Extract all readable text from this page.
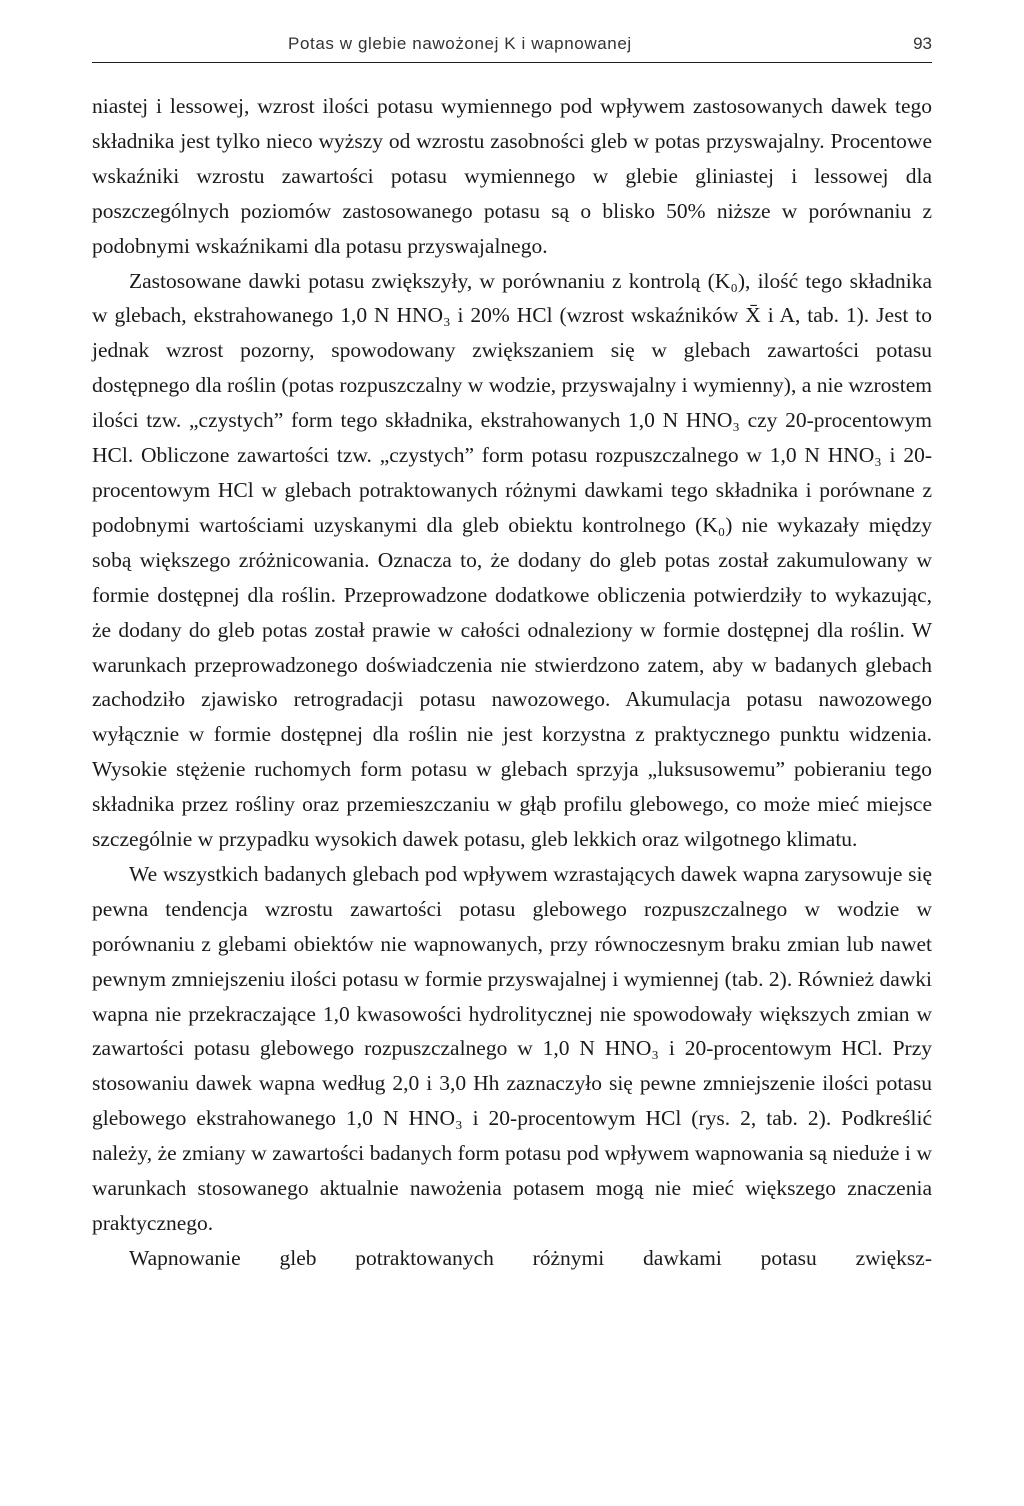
Potas w glebie nawożonej K i wapnowanej	93

niastej i lessowej, wzrost ilości potasu wymiennego pod wpływem zastosowanych dawek tego składnika jest tylko nieco wyższy od wzrostu zasobności gleb w potas przyswajalny. Procentowe wskaźniki wzrostu zawartości potasu wymiennego w glebie gliniastej i lessowej dla poszczególnych poziomów zastosowanego potasu są o blisko 50% niższe w porównaniu z podobnymi wskaźnikami dla potasu przyswajalnego.

Zastosowane dawki potasu zwiększyły, w porównaniu z kontrolą (K₀), ilość tego składnika w glebach, ekstrahowanego 1,0 N HNO₃ i 20% HCl (wzrost wskaźników X̄ i A, tab. 1). Jest to jednak wzrost pozorny, spowodowany zwiększaniem się w glebach zawartości potasu dostępnego dla roślin (potas rozpuszczalny w wodzie, przyswajalny i wymienny), a nie wzrostem ilości tzw. „czystych” form tego składnika, ekstrahowanych 1,0 N HNO₃ czy 20-procentowym HCl. Obliczone zawartości tzw. „czystych” form potasu rozpuszczalnego w 1,0 N HNO₃ i 20-procentowym HCl w glebach potraktowanych różnymi dawkami tego składnika i porównane z podobnymi wartościami uzyskanymi dla gleb obiektu kontrolnego (K₀) nie wykazały między sobą większego zróżnicowania. Oznacza to, że dodany do gleb potas został zakumulowany w formie dostępnej dla roślin. Przeprowadzone dodatkowe obliczenia potwierdziły to wykazując, że dodany do gleb potas został prawie w całości odnaleziony w formie dostępnej dla roślin. W warunkach przeprowadzonego doświadczenia nie stwierdzono zatem, aby w badanych glebach zachodziło zjawisko retrogradacji potasu nawozowego. Akumulacja potasu nawozowego wyłącznie w formie dostępnej dla roślin nie jest korzystna z praktycznego punktu widzenia. Wysokie stężenie ruchomych form potasu w glebach sprzyja „luksusowemu” pobieraniu tego składnika przez rośliny oraz przemieszczaniu w głąb profilu glebowego, co może mieć miejsce szczególnie w przypadku wysokich dawek potasu, gleb lekkich oraz wilgotnego klimatu.

We wszystkich badanych glebach pod wpływem wzrastających dawek wapna zarysowuje się pewna tendencja wzrostu zawartości potasu glebowego rozpuszczalnego w wodzie w porównaniu z glebami obiektów nie wapnowanych, przy równoczesnym braku zmian lub nawet pewnym zmniejszeniu ilości potasu w formie przyswajalnej i wymiennej (tab. 2). Również dawki wapna nie przekraczające 1,0 kwasowości hydrolitycznej nie spowodowały większych zmian w zawartości potasu glebowego rozpuszczalnego w 1,0 N HNO₃ i 20-procentowym HCl. Przy stosowaniu dawek wapna według 2,0 i 3,0 Hh zaznaczyło się pewne zmniejszenie ilości potasu glebowego ekstrahowanego 1,0 N HNO₃ i 20-procentowym HCl (rys. 2, tab. 2). Podkreślić należy, że zmiany w zawartości badanych form potasu pod wpływem wapnowania są nieduże i w warunkach stosowanego aktualnie nawożenia potasem mogą nie mieć większego znaczenia praktycznego.

Wapnowanie gleb potraktowanych różnymi dawkami potasu zwiększ-
